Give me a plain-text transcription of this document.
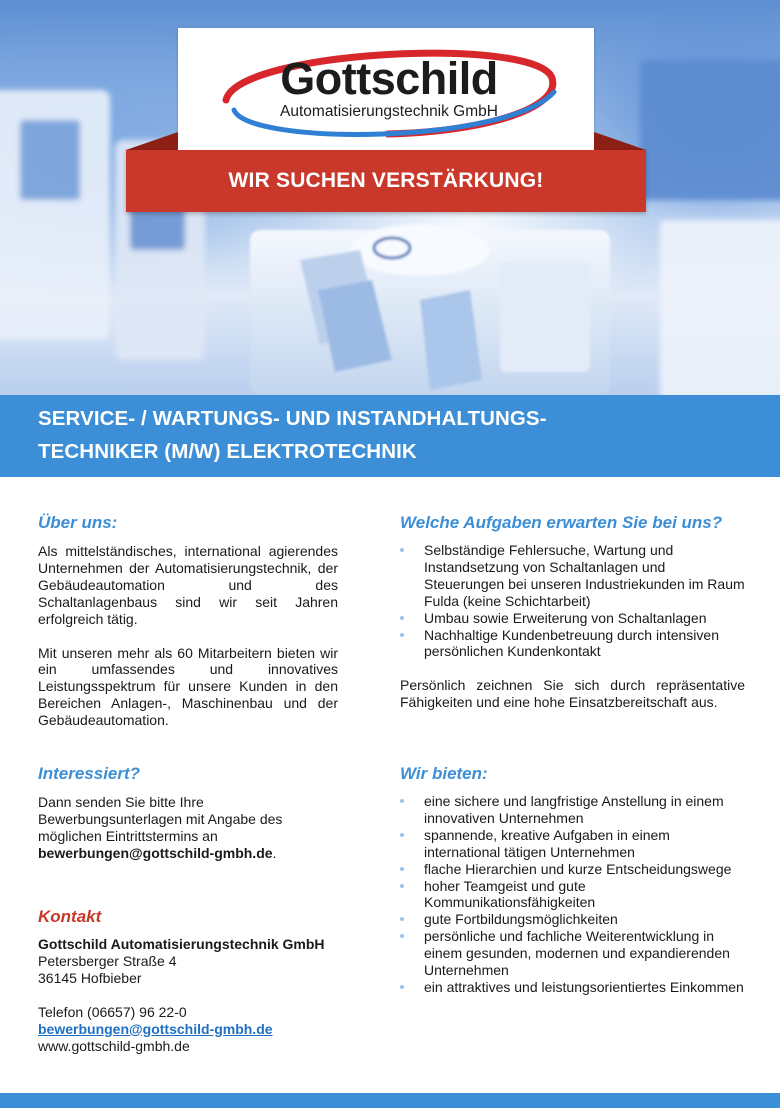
Gottschild
Automatisierungstechnik GmbH
WIR SUCHEN VERSTÄRKUNG!
SERVICE- / WARTUNGS- UND INSTANDHALTUNGS-
TECHNIKER (M/W) ELEKTROTECHNIK
Über uns:

Als mittelständisches, international agierendes Unternehmen der Automatisierungstechnik, der Gebäudeautomation und des Schaltanlagenbaus sind wir seit Jahren erfolgreich tätig.

Mit unseren mehr als 60 Mitarbeitern bieten wir ein umfassendes und innovatives Leistungsspektrum für unsere Kunden in den Bereichen Anlagen-, Maschinenbau und der Gebäudeautomation.

Interessiert?

Dann senden Sie bitte Ihre Bewerbungsunterlagen mit Angabe des möglichen Eintrittstermins an bewerbungen@gottschild-gmbh.de.

Kontakt
Gottschild Automatisierungstechnik GmbH
Petersberger Straße 4
36145 Hofbieber
Telefon (06657) 96 22-0
bewerbungen@gottschild-gmbh.de
www.gottschild-gmbh.de
Welche Aufgaben erwarten Sie bei uns?
Selbständige Fehlersuche, Wartung und Instandsetzung von Schaltanlagen und Steuerungen bei unseren Industriekunden im Raum Fulda (keine Schichtarbeit)
Umbau sowie Erweiterung von Schaltanlagen
Nachhaltige Kundenbetreuung durch intensiven persönlichen Kundenkontakt

Persönlich zeichnen Sie sich durch repräsentative Fähigkeiten und eine hohe Einsatzbereitschaft aus.

Wir bieten:
eine sichere und langfristige Anstellung in einem innovativen Unternehmen
spannende, kreative Aufgaben in einem international tätigen Unternehmen
flache Hierarchien und kurze Entscheidungswege
hoher Teamgeist und gute Kommunikationsfähigkeiten
gute Fortbildungsmöglichkeiten
persönliche und fachliche Weiterentwicklung in einem gesunden, modernen und expandierenden Unternehmen
ein attraktives und leistungsorientiertes Einkommen
